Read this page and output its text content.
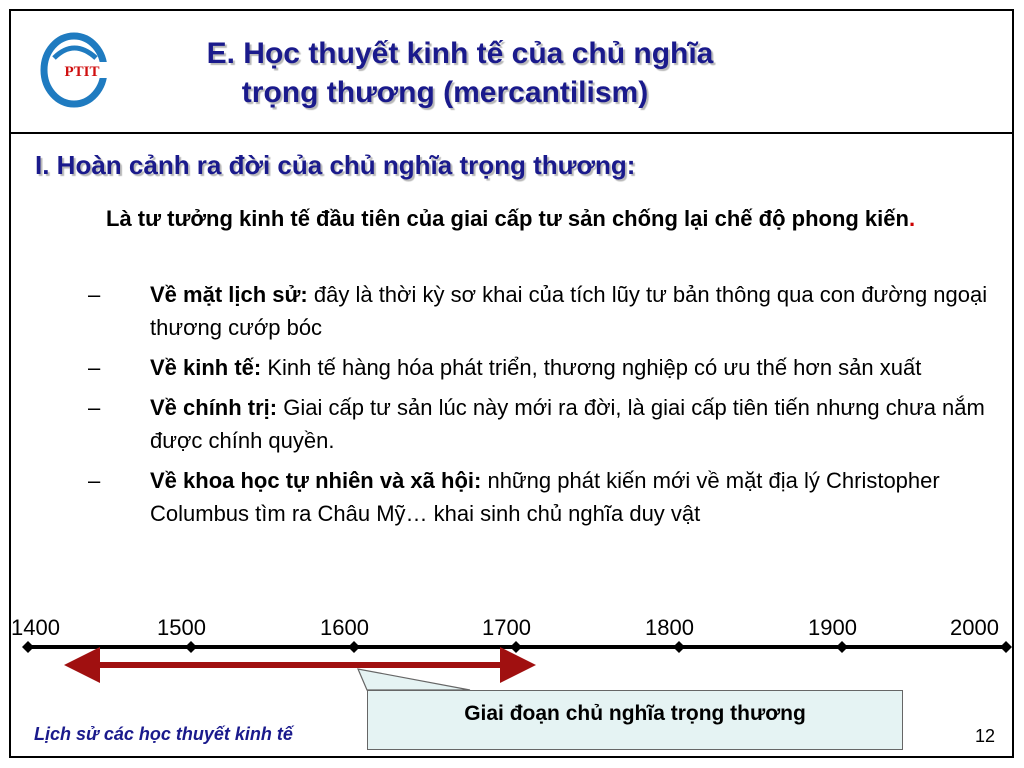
PTIT
E. Học thuyết kinh tế của chủ nghĩa
trọng thương (mercantilism)
I. Hoàn cảnh ra đời của chủ nghĩa trọng thương:
Là tư tưởng kinh tế đầu tiên của giai cấp tư sản chống lại chế độ phong kiến.
–	Về mặt lịch sử: đây là thời kỳ sơ khai của tích lũy tư bản thông qua con đường ngoại thương cướp bóc
–	Về kinh tế: Kinh tế hàng hóa phát triển, thương nghiệp có ưu thế hơn sản xuất
–	Về chính trị: Giai cấp tư sản lúc này mới ra đời, là giai cấp tiên tiến nhưng chưa nắm được chính quyền.
–	Về khoa học tự nhiên và xã hội: những phát kiến mới về mặt địa lý Christopher Columbus tìm ra Châu Mỹ… khai sinh chủ nghĩa duy vật
1400	1500	1600	1700	1800	1900	2000
Giai đoạn chủ nghĩa trọng thương
Lịch sử các học thuyết kinh tế	12
